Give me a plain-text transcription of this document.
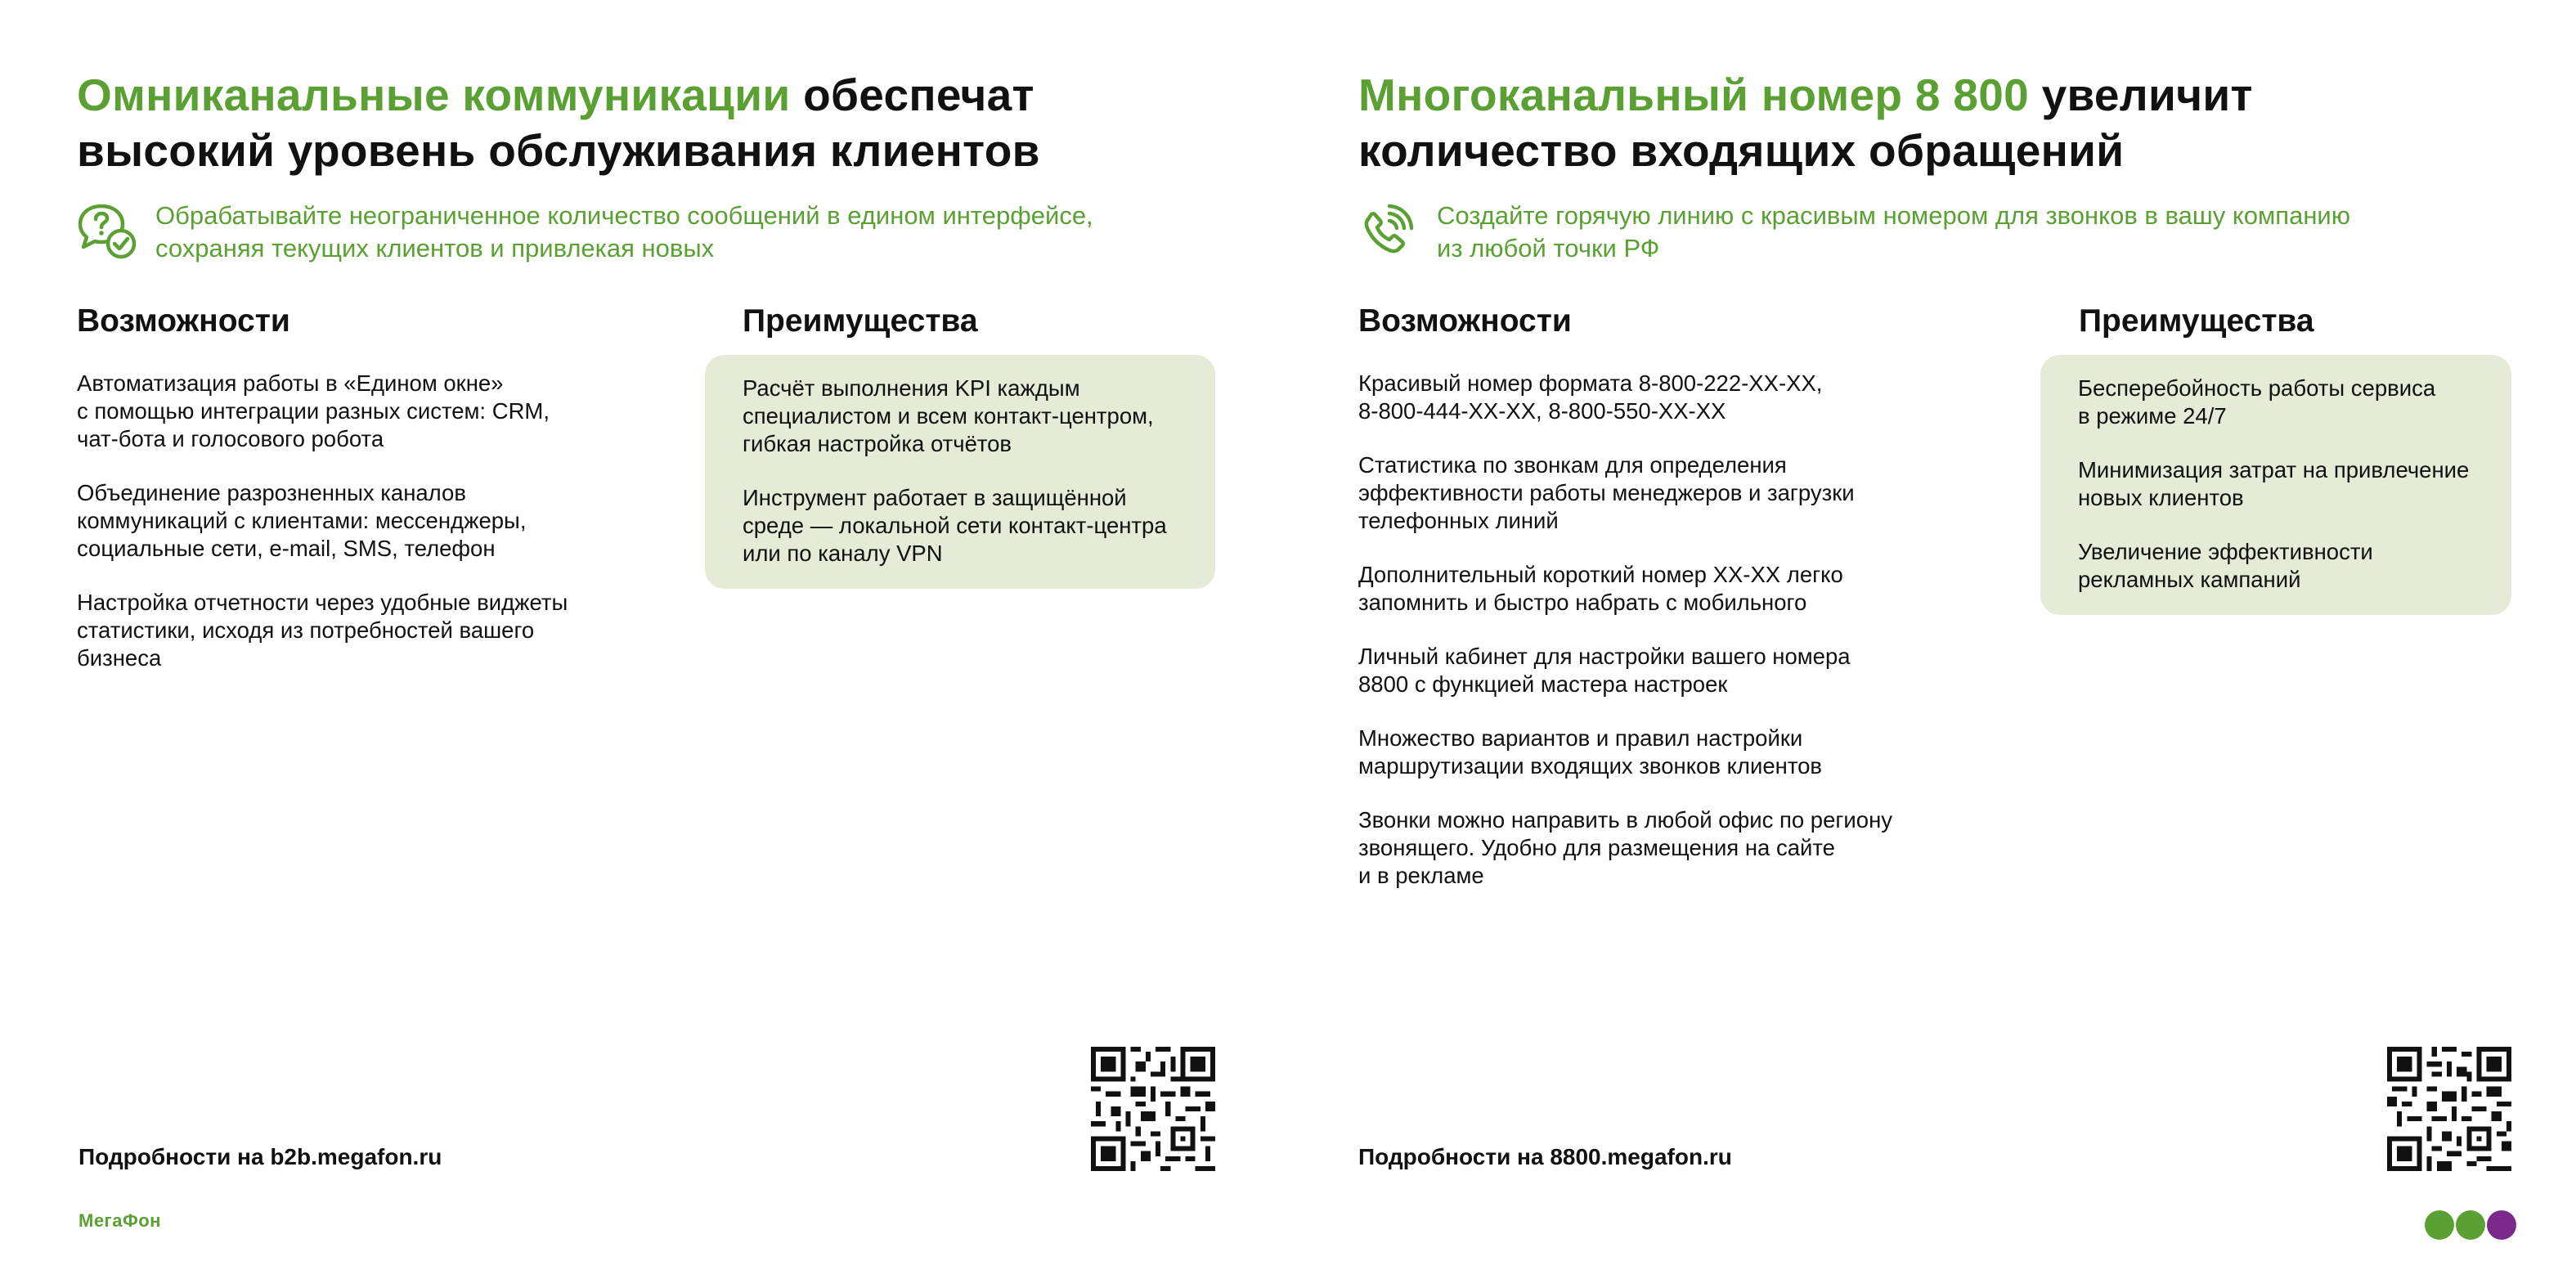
Омниканальные коммуникации обеспечат
высокий уровень обслуживания клиентов
Обрабатывайте неограниченное количество сообщений в едином интерфейсе,
сохраняя текущих клиентов и привлекая новых
Возможности

Автоматизация работы в «Едином окне»
с помощью интеграции разных систем: CRM,
чат-бота и голосового робота

Объединение разрозненных каналов
коммуникаций с клиентами: мессенджеры,
социальные сети, e-mail, SMS, телефон

Настройка отчетности через удобные виджеты
статистики, исходя из потребностей вашего
бизнеса

Преимущества

Расчёт выполнения KPI каждым
специалистом и всем контакт-центром,
гибкая настройка отчётов

Инструмент работает в защищённой
среде — локальной сети контакт-центра
или по каналу VPN

Подробности на b2b.megafon.ru
МегаФон
Многоканальный номер 8 800 увеличит
количество входящих обращений
Создайте горячую линию с красивым номером для звонков в вашу компанию
из любой точки РФ
Возможности

Красивый номер формата 8-800-222-XX-XX,
8-800-444-XX-XX, 8-800-550-XX-XX

Статистика по звонкам для определения
эффективности работы менеджеров и загрузки
телефонных линий

Дополнительный короткий номер XX-XX легко
запомнить и быстро набрать с мобильного

Личный кабинет для настройки вашего номера
8800 с функцией мастера настроек

Множество вариантов и правил настройки
маршрутизации входящих звонков клиентов

Звонки можно направить в любой офис по региону
звонящего. Удобно для размещения на сайте
и в рекламе

Преимущества

Бесперебойность работы сервиса
в режиме 24/7

Минимизация затрат на привлечение
новых клиентов

Увеличение эффективности
рекламных кампаний

Подробности на 8800.megafon.ru
